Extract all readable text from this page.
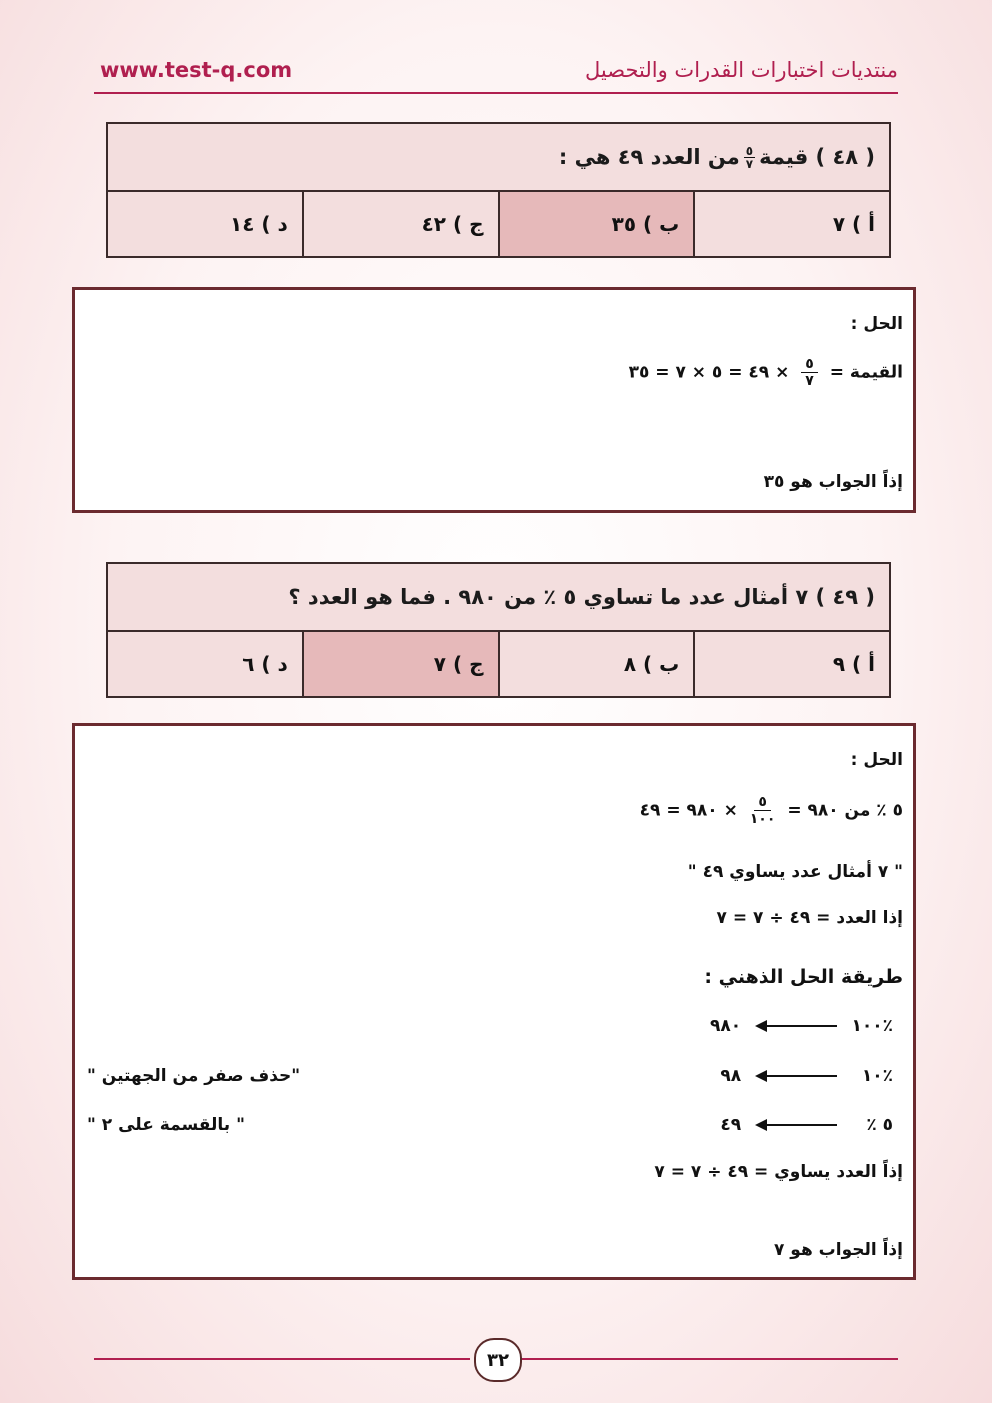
www.test-q.com	منتديات اختبارات القدرات والتحصيل
( ٤٨ ) قيمة
$\frac{٥}{٧}$
من العدد ٤٩ هي :
أ ) ٧
ب ) ٣٥
ج ) ٤٢
د ) ١٤
الحل :
القيمة =
٥
٧
× ٤٩ = ٥ × ٧ = ٣٥
إذاً الجواب هو ٣٥
( ٤٩ ) ٧ أمثال عدد ما تساوي ٥ ٪ من ٩٨٠ . فما هو العدد ؟
أ ) ٩
ب ) ٨
ج ) ٧
د ) ٦
الحل :
٥ ٪ من ٩٨٠ =
٥
١٠٠
× ٩٨٠ = ٤٩
" ٧ أمثال عدد يساوي ٤٩ "
إذا العدد = ٤٩ ÷ ٧ = ٧
طريقة الحل الذهني :
٪١٠٠  ٩٨٠
٪١٠  ٩٨
"حذف صفر من الجهتين "
٥ ٪  ٤٩
" بالقسمة على ٢ "
إذاً العدد يساوي = ٤٩ ÷ ٧ = ٧
إذاً الجواب هو ٧
٣٢
